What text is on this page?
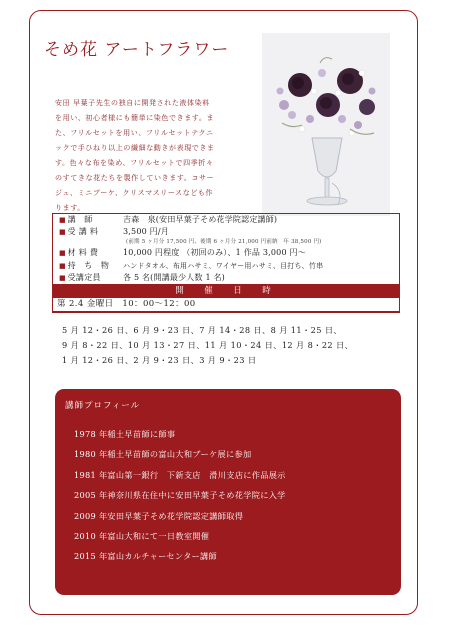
そめ花 アートフラワー
安田 早葉子先生の独自に開発された液体染料
を用い、初心者様にも簡単に染色できます。ま
た、フリルセットを用い、フリルセットテクニ
ックで手ひねり以上の繊細な動きが表現できま
す。色々な布を染め、フリルセットで四季折々
のすてきな花たちを製作していきます。コサー
ジュ、ミニブーケ、クリスマスリースなども作
ります。
■ 講　師	吉森　泉(安田早葉子そめ花学院認定講師)
■ 受 講 料	3,500 円/月
(前期 5 ヶ月分 17,500 円、後期 6 ヶ月分 21,000 円前納　年 38,500 円)
■ 材 料 費	10,000 円程度 （初回のみ）、1 作品 3,000 円～
■ 持　ち　物 ハンドタオル、布用ハサミ、ワイヤー用ハサミ、目打ち、竹串
■ 受講定員	各 5 名(開講最少人数 1 名)
開　催　日　時
第 2.4 金曜日　10：00～12：00
5 月 12・26 日、6 月 9・23 日、7 月 14・28 日、8 月 11・25 日、
9 月 8・22 日、10 月 13・27 日、11 月 10・24 日、12 月 8・22 日、
1 月 12・26 日、2 月 9・23 日、3 月 9・23 日
講師プロフィール
1978 年稲土早苗師に師事
1980 年稲土早苗師の富山大和ブーケ展に参加
1981 年富山第一銀行　下新支店　滑川支店に作品展示
2005 年神奈川県在住中に安田早葉子そめ花学院に入学
2009 年安田早葉子そめ花学院認定講師取得
2010 年富山大和にて一日教室開催
2015 年富山カルチャーセンター講師
